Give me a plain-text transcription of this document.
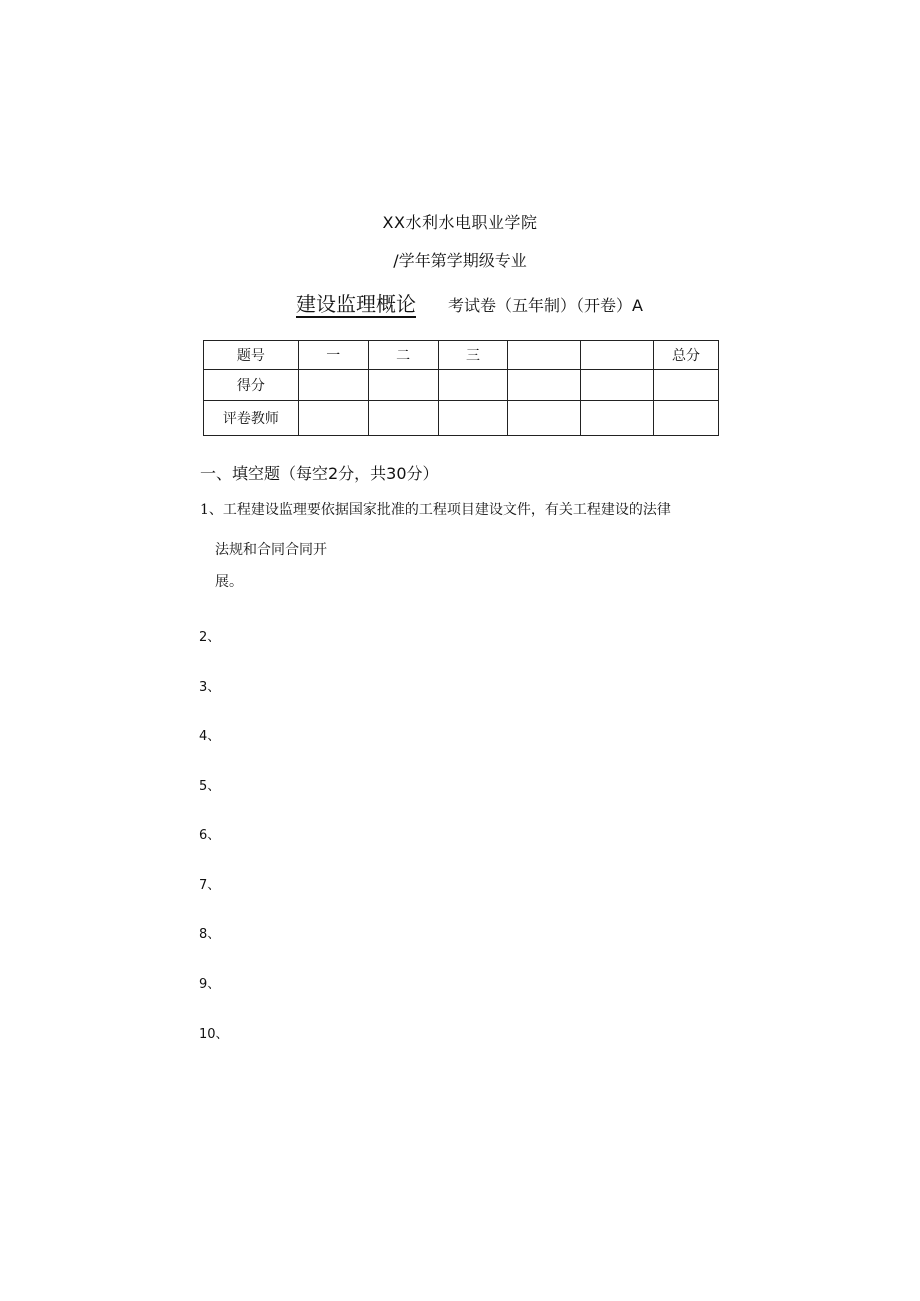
XX水利水电职业学院
/学年第学期级专业
建设监理概论 考试卷（五年制）（开卷）A
题号	一	二	三			总分
得分						
评卷教师						
一、填空题（每空2分，共30分）
1、工程建设监理要依据国家批准的工程项目建设文件，有关工程建设的法律
法规和合同合同开
展。
2、
3、
4、
5、
6、
7、
8、
9、
10、
